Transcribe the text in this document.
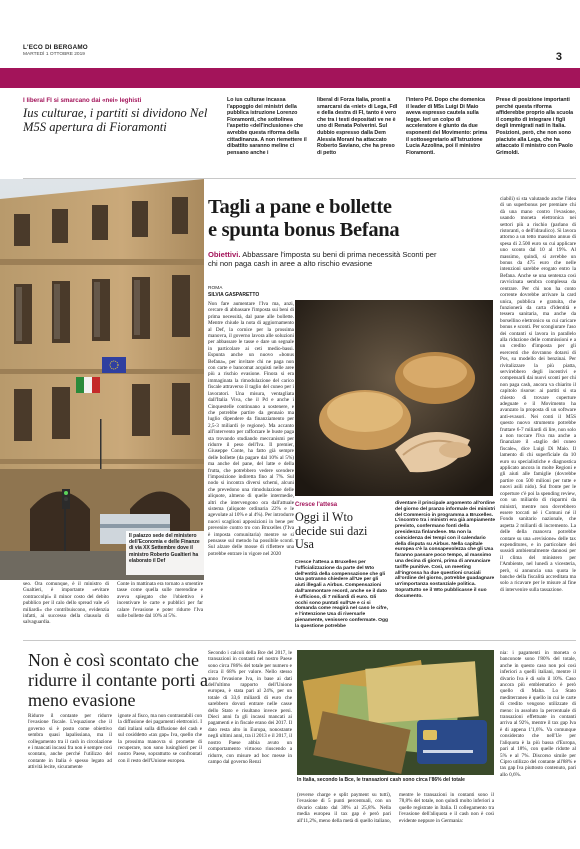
L'ECO DI BERGAMO
MARTEDÌ 1 OTTOBRE 2019	3
I liberal FI si smarcano dai «nei» leghisti
Ius culturae, i partiti si dividono Nel M5S apertura di Fioramonti
Lo ius culturae incassa l'appoggio dei ministri della pubblica istruzione Lorenzo Fioramonti, che sottolinea l'aspetto «dell'inclusione» che avrebbe questa riforma della cittadinanza. A non riemettere il dibattito saranno meline ci pensano anche i
liberal di Forza Italia, pronti a smarcarsi da «niet» di Lega, FdI e della destra di FI, tanto è vero che tra i testi depositati ve ne è uno di Renata Polverini. Sul dubbio espresso dalla Dem Alessia Morani ha attaccato Roberto Saviano, che ha preso di petto
l'intero Pd. Dopo che domenica il leader di M5s Luigi Di Maio aveva espresso cautela sulla legge. Ieri un colpo di acceleratore è giunto da due esponenti del Movimento: prima il sottosegretario all'Istruzione Lucia Azzolina, poi il ministro Fioramonti.
Prese di posizione importanti perché questa riforma affiderebbe proprio alla scuola il compito di integrare i figli degli immigrati nati in Italia. Posizioni, però, che non sono piaciute alla Lega, che ha attaccato il ministro con Paolo Grimoldi.
Il palazzo sede del ministero dell'Economia e delle Finanze di via XX Settembre dove il ministro Roberto Gualtieri ha elaborato il Def
Tagli a pane e bollette
e spunta bonus Befana
Obiettivi. Abbassare l'imposta su beni di prima necessità Sconti per chi non paga cash in aree a alto rischio evasione
ROMA
SILVIA GASPARETTO
Non fare aumentare l'Iva ma, anzi, cercare di abbassare l'imposta sui beni di prima necessità, dal pane alle bollette. Mentre chiude la nota di aggiornamento al Def, la cornice per la prossima manovra, il governo lavora alle soluzioni per abbassare le tasse e dare un segnale in particolare ai ceti medio-bassi. Espunta anche un nuovo «bonus Befana», per invitare chi ne paga non con carte e bancomat acquisti nelle aree più a rischio evasione. Finora si era immaginata la rimodulazione del carico fiscale attraverso il taglio del cuneo per i lavoratori. Una misura, ventagliata dall'Italia Viva, che il Pd e anche i Cinquestelle continuano a sostenere, e che potrebbe partire da gennaio ma luglio dipendere da finanziamento per 2,5-3 miliardi (e regione). Ma accanto all'intervento per rafforzare le buste paga sta trovando studiando meccanismi per ridurre il peso dell'Iva. Il premier, Giuseppe Conte, ha fatto già sempre delle bollette (da pagare dal 10% al 5%) ma anche del pane, del latte e della frutta, che potrebbero vedere scendere l'imposizione indiretta fino al 7%. Sul nodo si incontra diversi schemi, alcuni che prevedono una rimodulazione delle aliquote, almeno di quelle intermedie, altri che intervengono ora dall'attuale sistema (aliquote ordinaria 22% e le agevolate al 10% e al 4%). Per introdurre nuovi scaglioni apposizioni in bene per prevenire contro tro con Bruxelles (l'Iva è imposta comunitaria) mentre se si pensasse sul metodo ha possibile sconti. Sul alzare delle mosse di riflettere una potrebbe entrare in vigore nel 2020
ciabili) si sta valutando anche l'idea di un superbonus per premiare chi dà una mano contro l'evasione, usando moneta elettronica nei settori più a rischio (parlano di ristoranti, o dell'idraulico). Si lavora attorno a un tetto massimo annuo di spesa di 2.500 euro su cui applicare uno sconto dal 10 al 19%. Al massimo, quindi, si avrebbe un bonus da 475 euro che nelle intenzioni sarebbe erogato entro la Befana. Anche se una sentenza così ravvicinata sembra complessa da centrare. Per chi non ha conto corrente dovrebbe arrivare la card unica, pubblica e gratuita, che funzionerà da carta d'identità e tessera sanitaria, ma anche da borsellino elettronico su cui caricare bonus e sconti. Per scongiurare l'aso dei contanti si lavora in parallelo alla riduzione delle commissioni e a un credito d'imposta per gli esercenti che dovranno dotarsi di Pos, su modello dei benzinai. Per rivitalizzare la più piatta, servirebbero degli incentivi e compensarli dai nuovi sconti per chi non paga cash, ancora va chiarito il capitolo risorse: ai partiti si sta chiesto di trovare coperture adeguate e il Movimento ha avanzato la proposta di un software anti-evasori. Nei conti il M5S questo nuovo strumento potrebbe fruttare 6-7 miliardi di lire, non solo a non toccare l'Iva ma anche a finanziare il «taglio del cuneo fiscale», dice Luigi Di Maio. Il lamento di chi superficiale da 10 euro su specialistiche e diagnostica applicato ancora in molte Regioni e gli aiuti alle famiglie (dovrebbe partire con 500 milioni per tutte e nuovi asili nido). Sul fronte per le coperture c'è poi la spending review, con un miliardo di risparmi da ministri, mentre non dovrebbero essere toccati né i Comuni né il Fondo sanitario nazionale, che aspetta 2 miliardi di incremento. La delle della manovra potrebbe contare su una «revisione» delle tax expenditures, e in particolare dei sussidi ambientalmente dannosi per il clima del ministero per l'Ambiente, nel lunedì a vicesteria, però, si annuncia una quota le banche della fiscalità accreditata ma solo a ricavare per le misure al fine di intervenire sulla tassazione.
Cresce l'attesa
Oggi il Wto decide sui dazi Usa
Cresce l'attesa a Bruxelles per l'ufficializzazione da parte del Wto dell'entità della compensazione che gli Usa potranno chiedere all'Ue per gli aiuti illegali a Airbus. Compensazioni dall'ammontare record, anche se il dato è ufficioso, di 7 miliardi di euro. Gli occhi sono puntati sull'Ue e ci si domanda come reagirà nel caso le cifre, e l'intenzione Usa di riversarle pienamente, venissero confermate. Ogg la questione potrebbe
diventare il principale argomento all'ordine del giorno del pranzo informale dei ministri del Commercio in programma a Bruxelles. L'incontro tra i ministri era già ampiamente previsto, confermano fonti della presidenza finlandese. Ma non la coincidenza dei tempi con il calendario della disputa su Airbus. Nella capitale europea c'è la consapevolezza che gli Usa faranno passare poco tempo, al massimo una decina di giorni, prima di annunciare tariffe punitive. Così, un meeting all'ingrossa ha due questioni cruciali all'ordine del giorno, potrebbe guadagnare un'importanza sostanziale politica. Soprattutto se il Wto pubblicasse il suo documento.
seo. Ora comunque, è il ministro di Gualtieri, è importante «evitare contraccolpi» il minor costo del debito pubblico per il calo dello spread vale «6 miliardi» che contribuiscono, evidenzia infatti, ai successo della clausola di salvaguardia.
Conte in mattinata era tornato a smentire tasse come quella sulle merendine e aveva spiegato che l'obiettivo è incentivare le carte e pubblici per far calare l'evasione e poter ridurre l'Iva sulle bollette dal 10% al 5%.
Non è così scontato che ridurre il contante porti a meno evasione
Ridurre il contante per ridurre l'evasione fiscale. L'equazione che il governo si è posto come obiettivo sembra quasi lapalissiana, ma il collegamento tra il cash in circolazione e i mancati incassi fra non è sempre così scontato, anche perché l'utilizzo del contante in Italia è spesso legato ad attività lecite, sicuramente
ignote al fisco, ma non contrastabili con la diffusione dei pagamenti elettronici. I dati italiani sulla diffusione del cash e sul cosiddetto «tax gap» Iva, quello che la prossima manovra si promette di recuperare, non sono lusinghieri per il nostro Paese, soprattutto se confrontati con il resto dell'Unione europea.
Secondo i calcoli della Bce del 2017, le transazioni in contanti nel nostro Paese sono circa l'86% del totale per numero e circa il 68% per valore. Nello stesso anno l'evasione Iva, in base ai dati dell'ultimo rapporto dell'Unione europea, è stata pari al 24%, per un totale di 33,6 miliardi di euro che sarebbero dovuti entrare nelle casse dello Stato e risultano invece persi. Dieci anni fa gli incassi mancati ai pagamenti e in fiscale erano dei 2017. Il dato resta alto in Europa, nonostante negli ultimi anni, tra il 2013 e il 2017, il nostro Paese abbia avuto un comportamento virtuoso riuscendo a ridurre, con misure ad hoc messe in campo dal governo Renzi
In Italia, secondo la Bce, le transazioni cash sono circa l'86% del totale
(reverse charge e split payment su tutti), l'evasione di 5 punti percentuali, con un divario calato dal 30% al 25,8%. Nella media europea il tax gap è però pari all'11,2%, meno della metà di quello italiano,
mentre le transazioni in contanti sono il 78,8% del totale, non quindi molto inferiori a quelle registrate in Italia. Il collegamento tra l'evasione dell'aliquota e il cash non è così evidente neppure in Germania:
nia: i pagamenti in moneta o banconote sono l'80% del totale, anche in questo caso non poi così inferiori a quelli italiani, mentre il divario Iva è di solo il 10%. Caso ancora più emblematico è però quello di Malta. Lo Stato mediterraneo è quello in cui le carte di credito vengono utilizzate di meno: in assoluto la percentuale di transazioni effettuate in contanti arriva al 92%, mentre il tax gap Iva è di appena 1'1,6%. Va comunque considerato che nell'Ue per l'aliquota è la più bassa d'Europa, pari al 18%, con quelle ridotte al 5% e al 7%. Discorso simile per Cipro utilizzo del contante all'88% e tax gap Iva piuttosto contenuto, pari allo 0,6%.
